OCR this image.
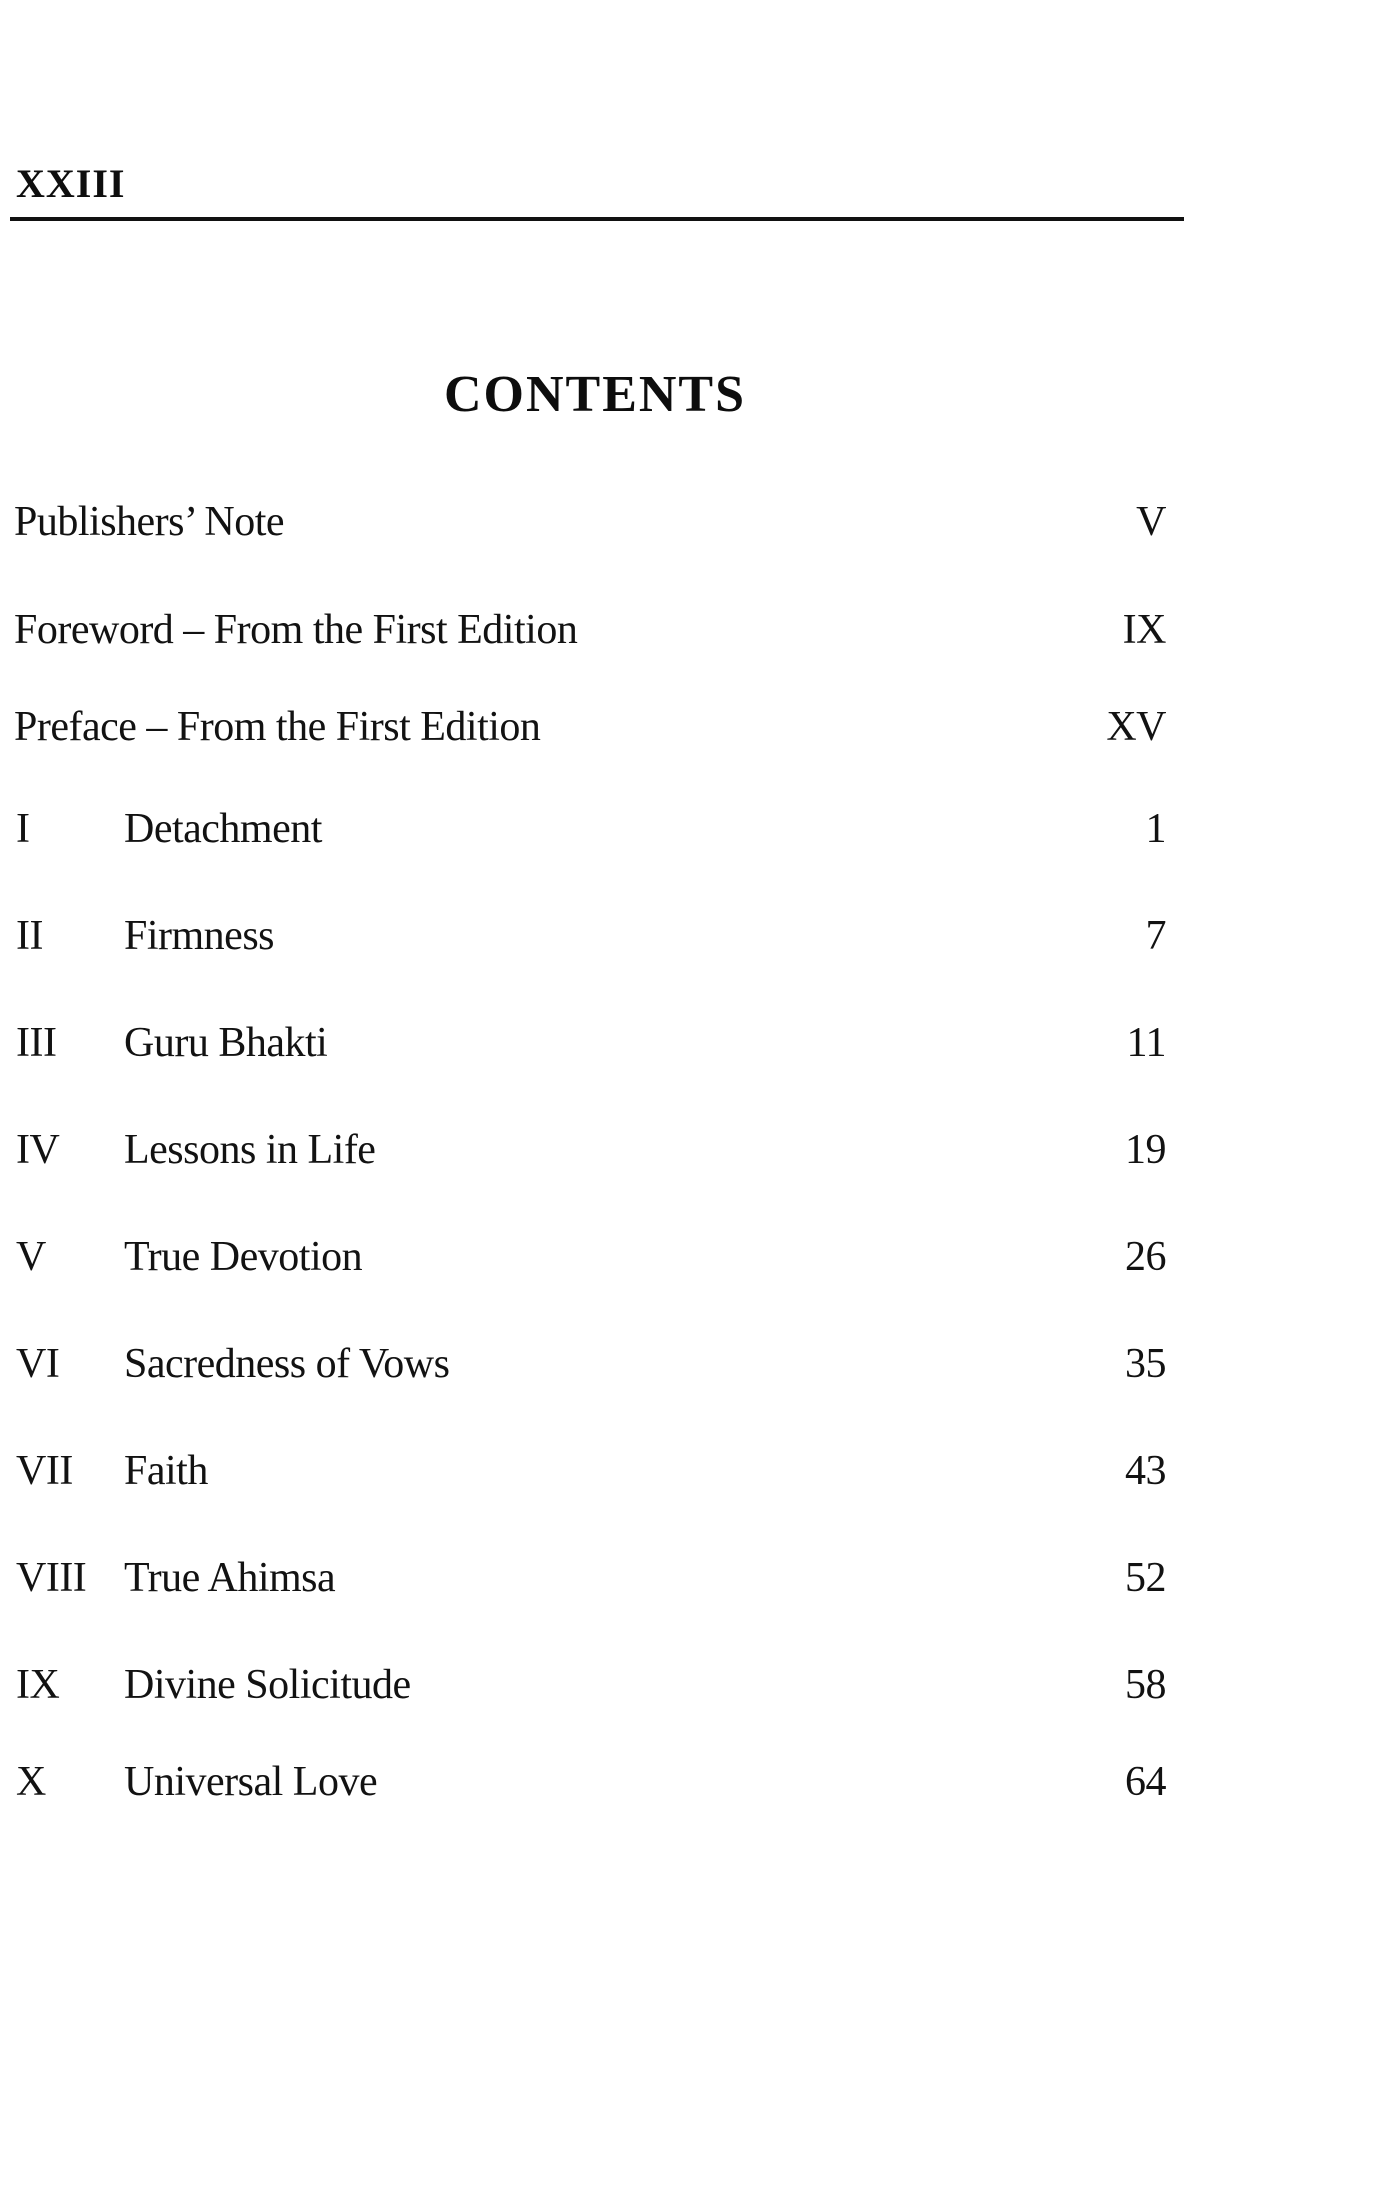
XXIII
CONTENTS
Publishers’ Note	V
Foreword – From the First Edition	IX
Preface – From the First Edition	XV
I Detachment	1
II Firmness	7
III Guru Bhakti	11
IV Lessons in Life	19
V True Devotion	26
VI Sacredness of Vows	35
VII Faith	43
VIII True Ahimsa	52
IX Divine Solicitude	58
X Universal Love	64
